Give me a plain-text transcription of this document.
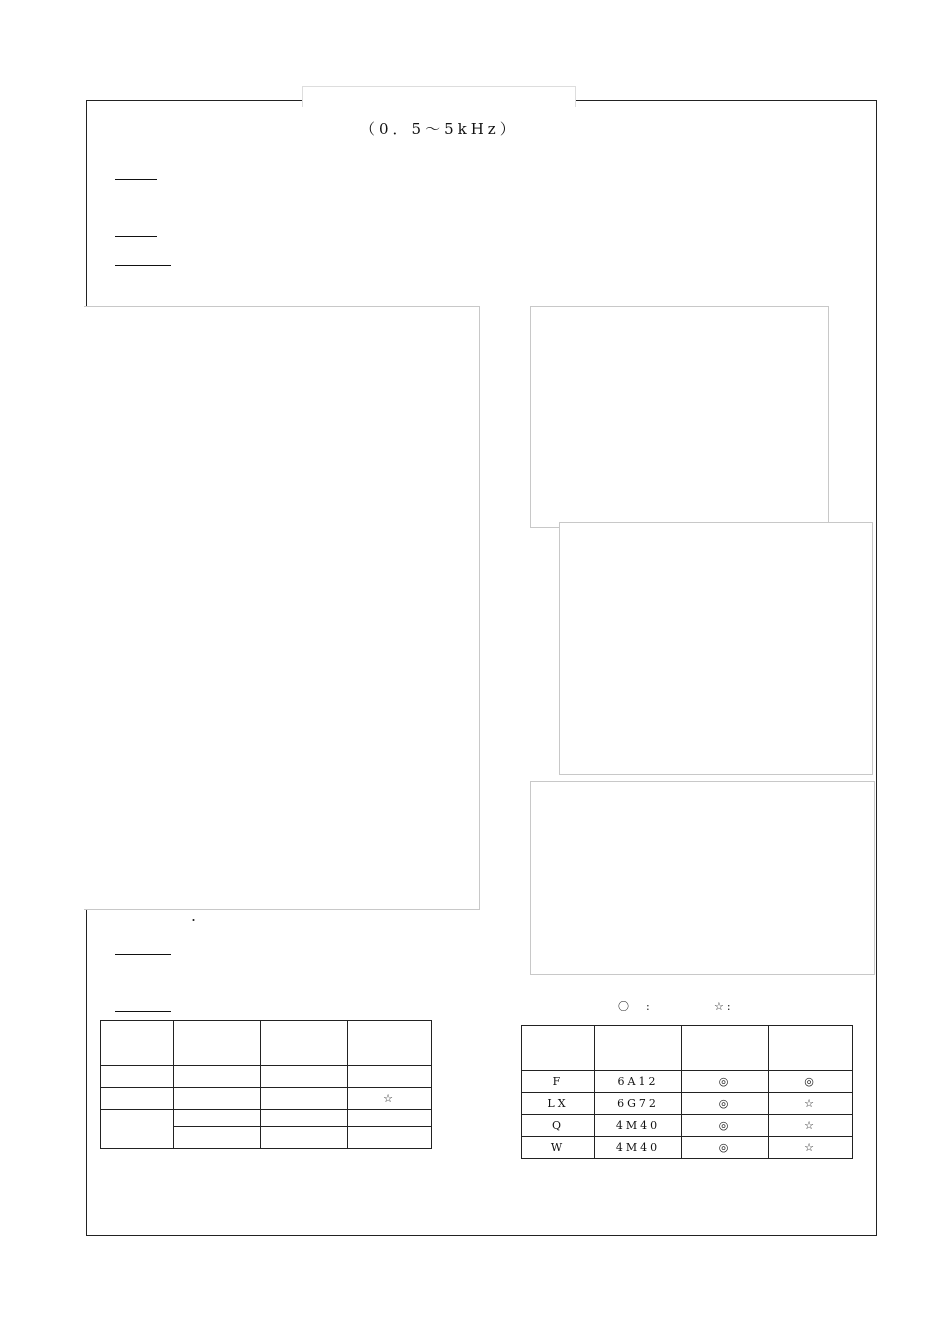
（0．5〜5kHz）

・　　　　

〇　:　　　 ☆:　　　　

　　	　　　　	　	☆

F	6A12	◎	◎
LX	6G72	◎	☆
Q	4M40	◎	☆
W	4M40	◎	☆
